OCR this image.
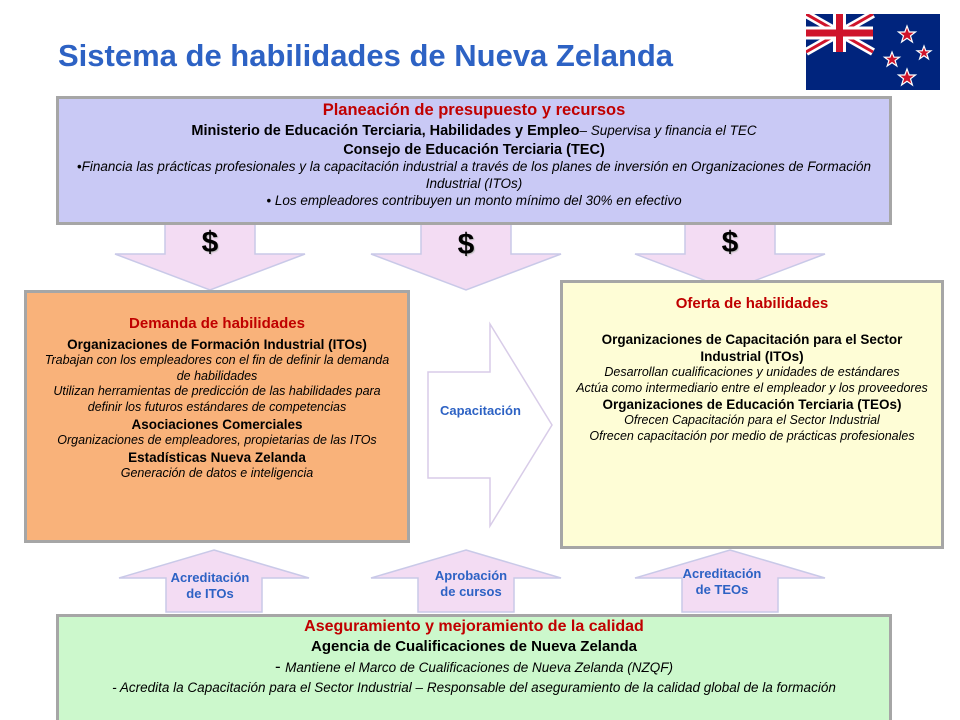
Sistema de habilidades de Nueva Zelanda
$	$	$
Planeación de presupuesto y recursos
Ministerio de Educación Terciaria, Habilidades y Empleo– Supervisa y financia el TEC
Consejo de Educación Terciaria (TEC)
•Financia las prácticas profesionales y la capacitación industrial a través de los planes de inversión en Organizaciones de Formación Industrial (ITOs)
• Los empleadores contribuyen un monto mínimo del 30% en efectivo
Demanda de habilidades
Organizaciones de Formación Industrial (ITOs)
Trabajan con los empleadores con el fin de definir la demanda de habilidades
Utilizan herramientas de predicción de las habilidades para definir los futuros estándares de competencias
Asociaciones Comerciales
Organizaciones de empleadores, propietarias de las ITOs
Estadísticas Nueva Zelanda
Generación de datos e inteligencia
Capacitación
Oferta de habilidades
Organizaciones de Capacitación para el Sector Industrial (ITOs)
Desarrollan cualificaciones y unidades de estándares
Actúa como intermediario entre el empleador y los proveedores
Organizaciones de Educación Terciaria (TEOs)
Ofrecen Capacitación para el Sector Industrial
Ofrecen capacitación por medio de prácticas profesionales
Acreditación
de ITOs
Aprobación
de cursos
Acreditación
de TEOs
Aseguramiento y mejoramiento de la calidad
Agencia de Cualificaciones de Nueva Zelanda
- Mantiene el Marco de Cualificaciones de Nueva Zelanda (NZQF)
- Acredita la Capacitación para el Sector Industrial – Responsable del aseguramiento de la calidad global de la formación
